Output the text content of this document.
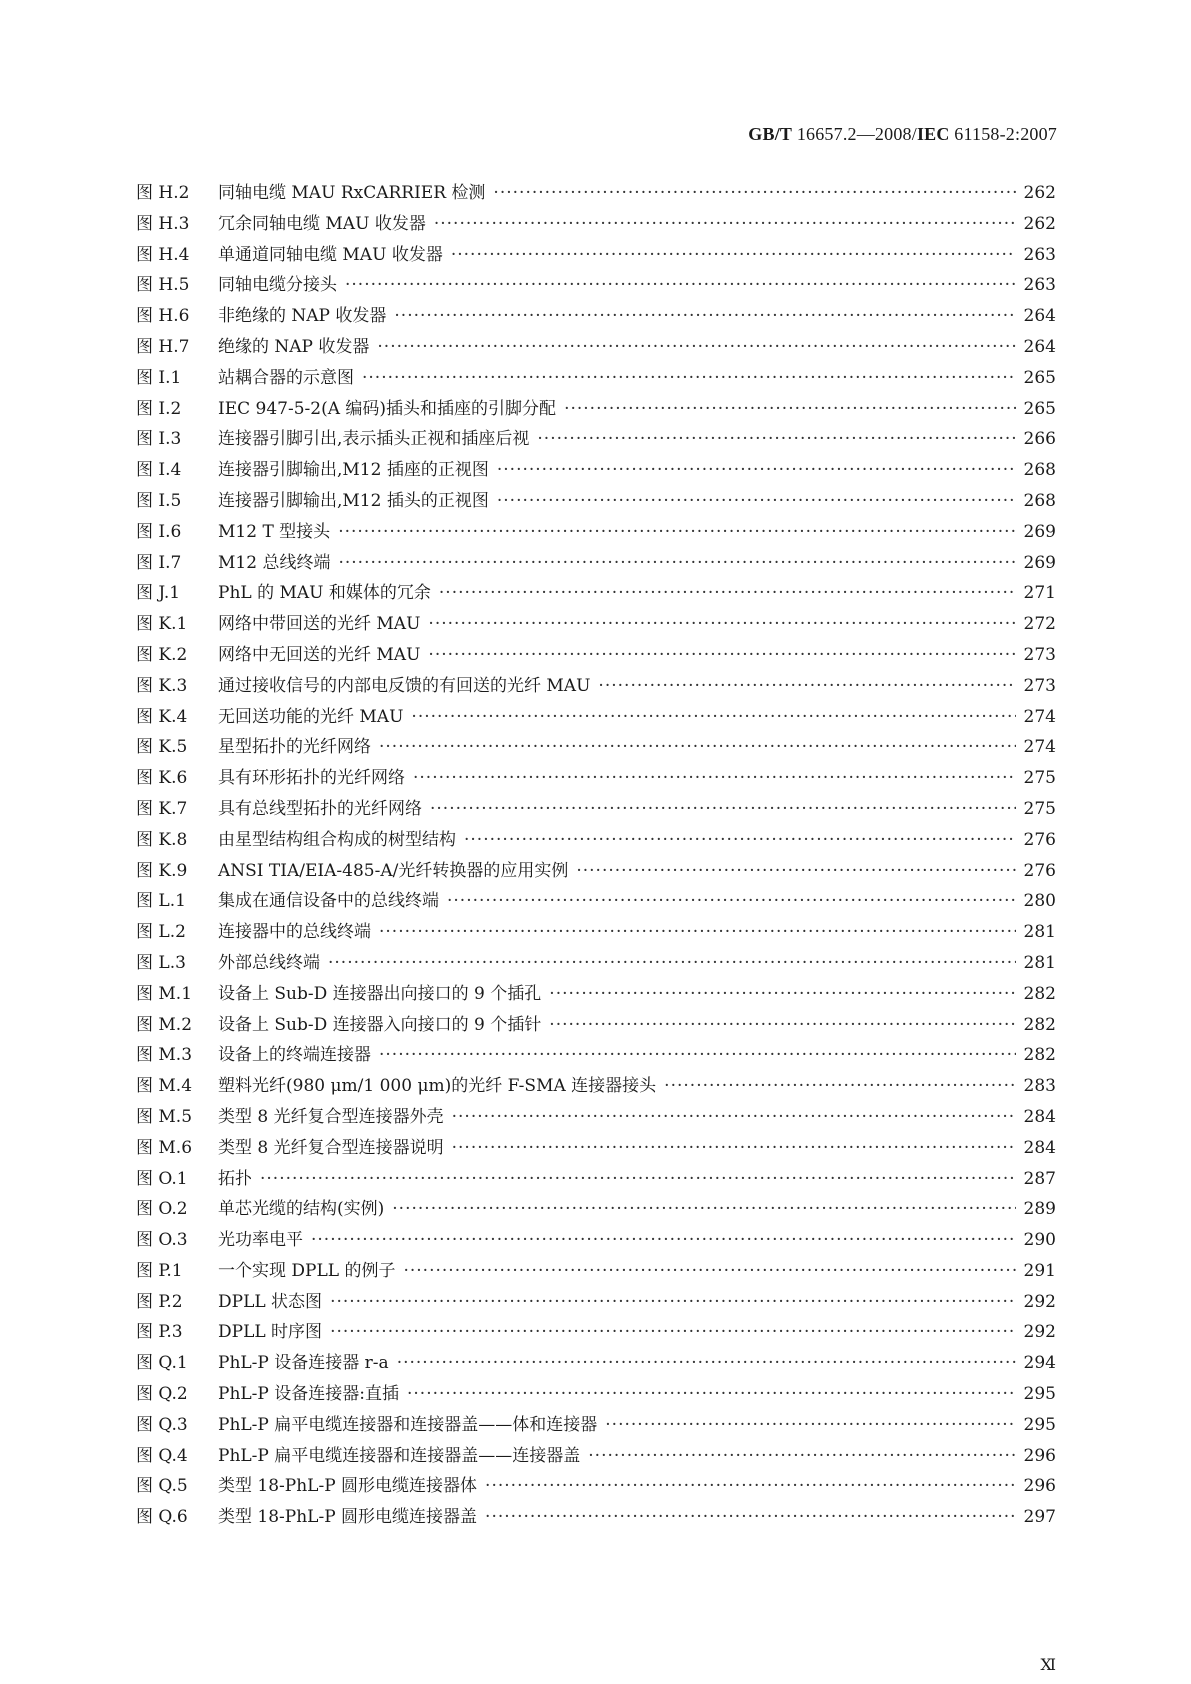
GB/T 16657.2—2008/IEC 61158-2:2007
图 H.2	同轴电缆 MAU RxCARRIER 检测 ·····	262
图 H.3	冗余同轴电缆 MAU 收发器 ·····	262
图 H.4	单通道同轴电缆 MAU 收发器 ·····	263
图 H.5	同轴电缆分接头 ·····	263
图 H.6	非绝缘的 NAP 收发器 ·····	264
图 H.7	绝缘的 NAP 收发器 ·····	264
图 I.1	站耦合器的示意图 ·····	265
图 I.2	IEC 947-5-2(A 编码)插头和插座的引脚分配 ·····	265
图 I.3	连接器引脚引出,表示插头正视和插座后视 ·····	266
图 I.4	连接器引脚输出,M12 插座的正视图 ·····	268
图 I.5	连接器引脚输出,M12 插头的正视图 ·····	268
图 I.6	M12 T 型接头 ·····	269
图 I.7	M12 总线终端 ·····	269
图 J.1	PhL 的 MAU 和媒体的冗余 ·····	271
图 K.1	网络中带回送的光纤 MAU ·····	272
图 K.2	网络中无回送的光纤 MAU ·····	273
图 K.3	通过接收信号的内部电反馈的有回送的光纤 MAU ·····	273
图 K.4	无回送功能的光纤 MAU ·····	274
图 K.5	星型拓扑的光纤网络 ·····	274
图 K.6	具有环形拓扑的光纤网络 ·····	275
图 K.7	具有总线型拓扑的光纤网络 ·····	275
图 K.8	由星型结构组合构成的树型结构 ·····	276
图 K.9	ANSI TIA/EIA-485-A/光纤转换器的应用实例 ·····	276
图 L.1	集成在通信设备中的总线终端 ·····	280
图 L.2	连接器中的总线终端 ·····	281
图 L.3	外部总线终端 ·····	281
图 M.1	设备上 Sub-D 连接器出向接口的 9 个插孔 ·····	282
图 M.2	设备上 Sub-D 连接器入向接口的 9 个插针 ·····	282
图 M.3	设备上的终端连接器 ·····	282
图 M.4	塑料光纤(980 μm/1 000 μm)的光纤 F-SMA 连接器接头 ·····	283
图 M.5	类型 8 光纤复合型连接器外壳 ·····	284
图 M.6	类型 8 光纤复合型连接器说明 ·····	284
图 O.1	拓扑 ·····	287
图 O.2	单芯光缆的结构(实例) ·····	289
图 O.3	光功率电平 ·····	290
图 P.1	一个实现 DPLL 的例子 ·····	291
图 P.2	DPLL 状态图 ·····	292
图 P.3	DPLL 时序图 ·····	292
图 Q.1	PhL-P 设备连接器 r-a ·····	294
图 Q.2	PhL-P 设备连接器:直插 ·····	295
图 Q.3	PhL-P 扁平电缆连接器和连接器盖——体和连接器 ·····	295
图 Q.4	PhL-P 扁平电缆连接器和连接器盖——连接器盖 ·····	296
图 Q.5	类型 18-PhL-P 圆形电缆连接器体 ·····	296
图 Q.6	类型 18-PhL-P 圆形电缆连接器盖 ·····	297
Ⅺ
